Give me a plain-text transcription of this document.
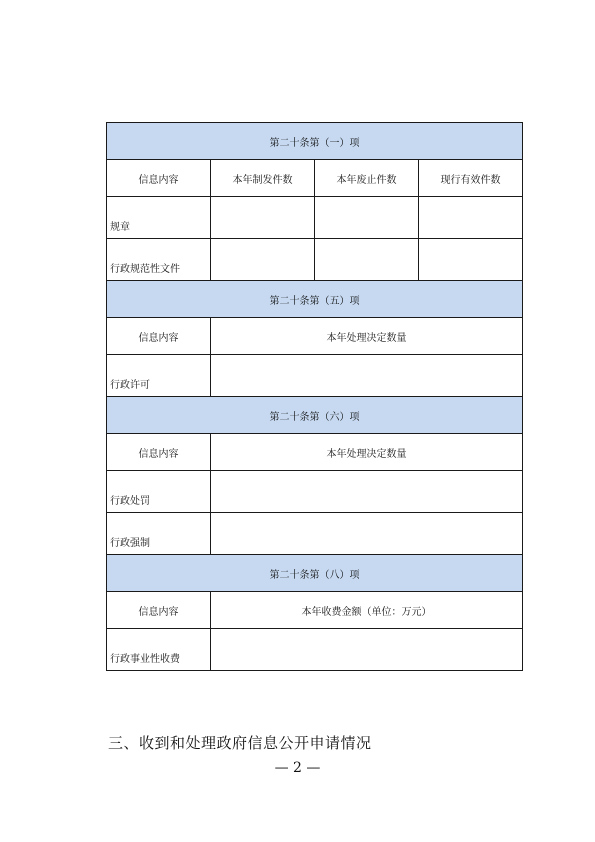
第二十条第（一）项			
信息内容	本年制发件数	本年废止件数	现行有效件数
规章			
行政规范性文件			
第二十条第（五）项			
信息内容	本年处理决定数量		
行政许可			
第二十条第（六）项			
信息内容	本年处理决定数量		
行政处罚			
行政强制			
第二十条第（八）项			
信息内容	本年收费金额（单位：万元）		
行政事业性收费			
三、收到和处理政府信息公开申请情况
— 2 —
